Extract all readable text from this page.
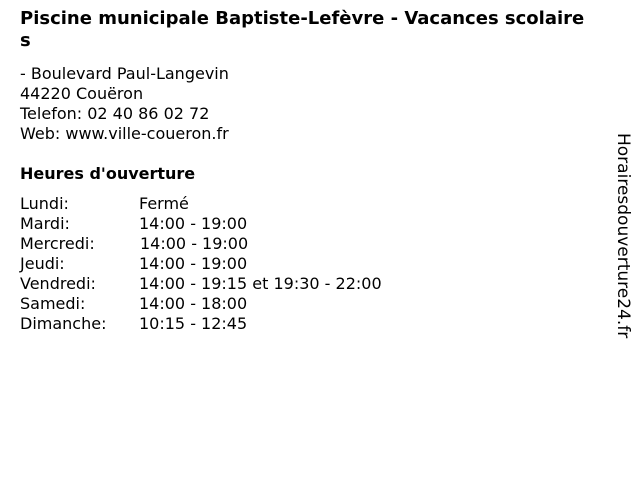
Piscine municipale Baptiste-Lefèvre - Vacances scolaires
- Boulevard Paul-Langevin
44220 Couëron
Telefon: 02 40 86 02 72
Web: www.ville-coueron.fr
Heures d'ouverture
Lundi:	Fermé
Mardi:	14:00 - 19:00
Mercredi:	14:00 - 19:00
Jeudi:	14:00 - 19:00
Vendredi:	14:00 - 19:15 et 19:30 - 22:00
Samedi:	14:00 - 18:00
Dimanche:	10:15 - 12:45	Horairesdouverture24.fr
